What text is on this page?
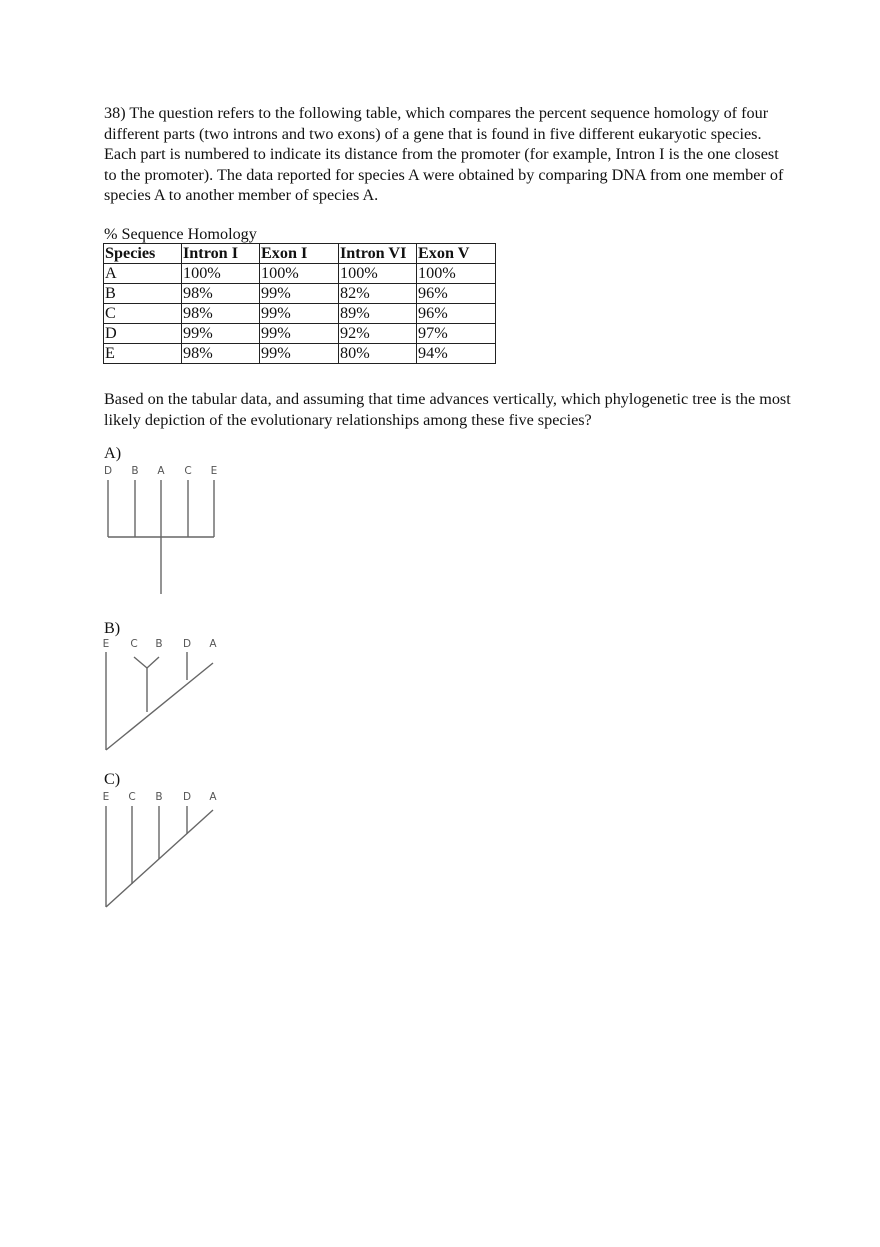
38) The question refers to the following table, which compares the percent sequence homology of four different parts (two introns and two exons) of a gene that is found in five different eukaryotic species. Each part is numbered to indicate its distance from the promoter (for example, Intron I is the one closest to the promoter). The data reported for species A were obtained by comparing DNA from one member of species A to another member of species A.

% Sequence Homology
Species	Intron I	Exon I	Intron VI	Exon V
A	100%	100%	100%	100%
B	98%	99%	82%	96%
C	98%	99%	89%	96%
D	99%	99%	92%	97%
E	98%	99%	80%	94%

Based on the tabular data, and assuming that time advances vertically, which phylogenetic tree is the most likely depiction of the evolutionary relationships among these five species?

A)
B)
C)
D B A C E
E C B D A
E C B D A
